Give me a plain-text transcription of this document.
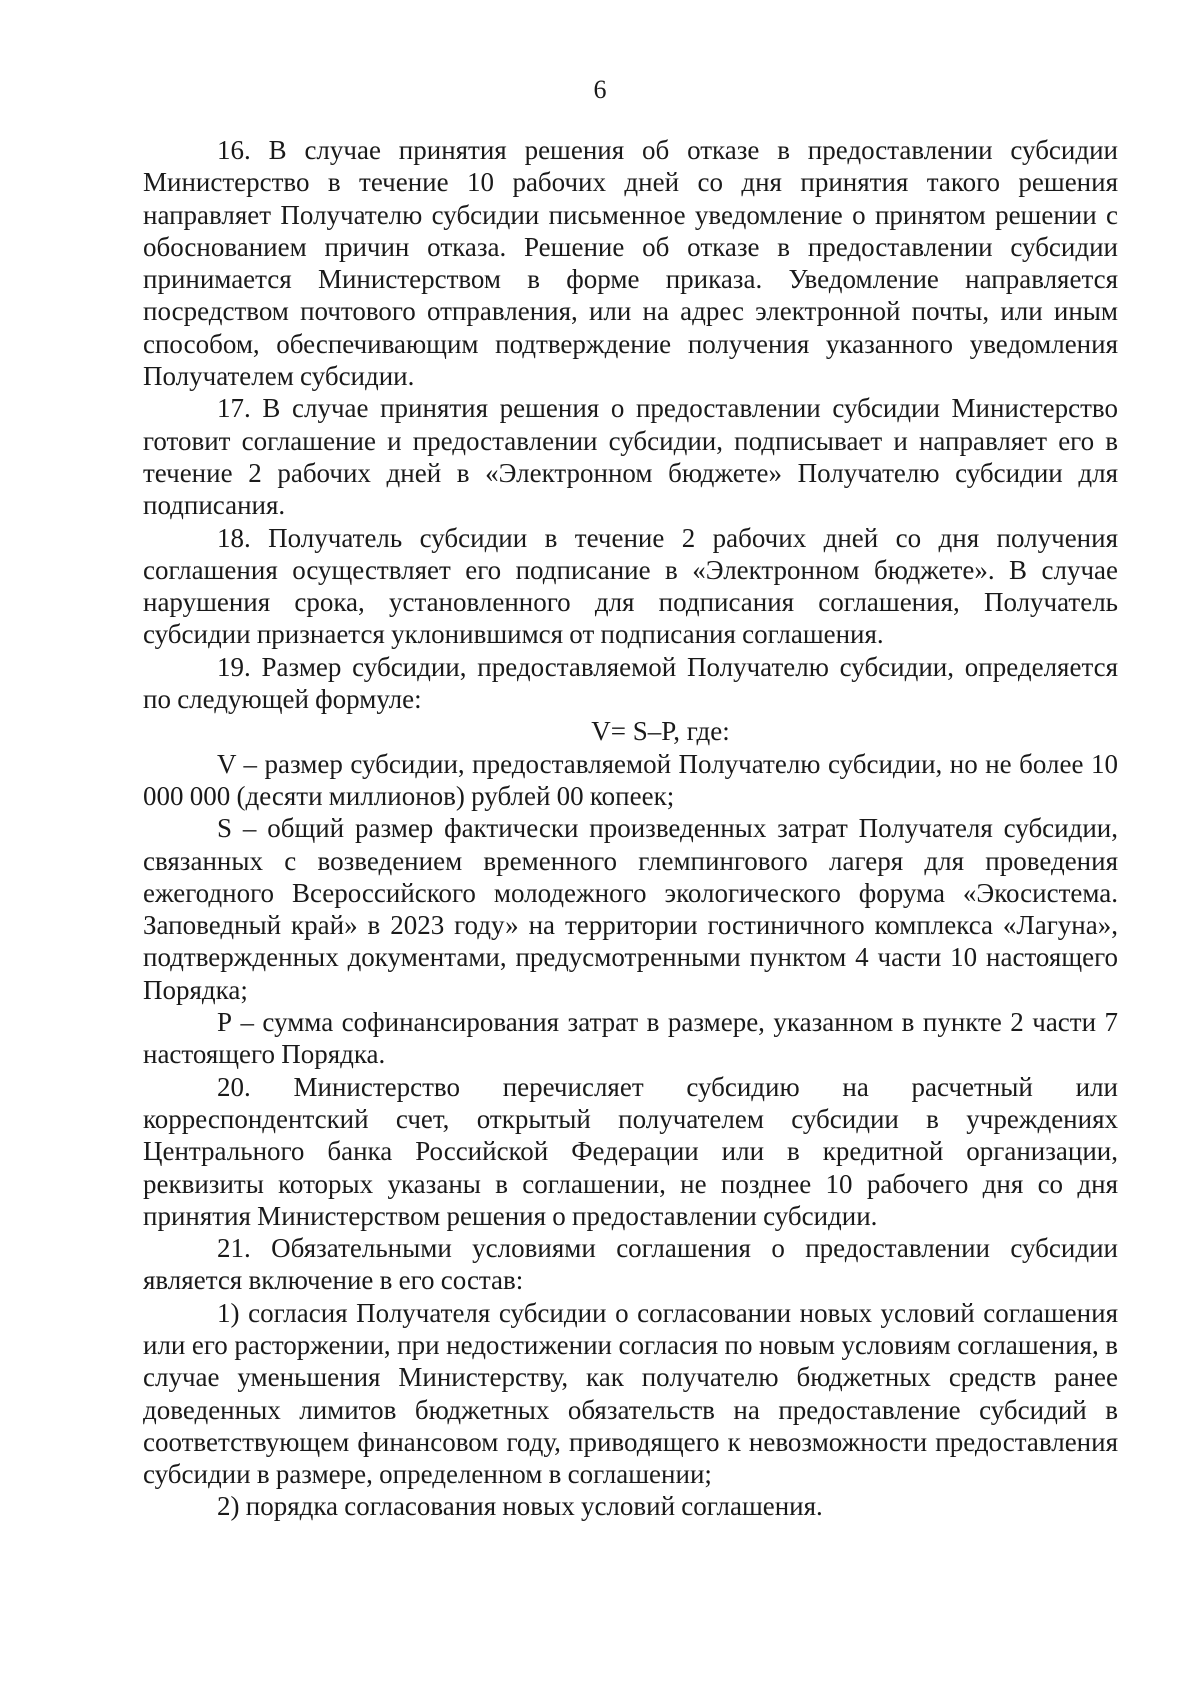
6

16. В случае принятия решения об отказе в предоставлении субсидии Министерство в течение 10 рабочих дней со дня принятия такого решения направляет Получателю субсидии письменное уведомление о принятом решении с обоснованием причин отказа. Решение об отказе в предоставлении субсидии принимается Министерством в форме приказа. Уведомление направляется посредством почтового отправления, или на адрес электронной почты, или иным способом, обеспечивающим подтверждение получения указанного уведомления Получателем субсидии.

17. В случае принятия решения о предоставлении субсидии Министерство готовит соглашение и предоставлении субсидии, подписывает и направляет его в течение 2 рабочих дней в «Электронном бюджете» Получателю субсидии для подписания.

18. Получатель субсидии в течение 2 рабочих дней со дня получения соглашения осуществляет его подписание в «Электронном бюджете». В случае нарушения срока, установленного для подписания соглашения, Получатель субсидии признается уклонившимся от подписания соглашения.

19. Размер субсидии, предоставляемой Получателю субсидии, определяется по следующей формуле:

V= S–P, где:

V – размер субсидии, предоставляемой Получателю субсидии, но не более 10 000 000 (десяти миллионов) рублей 00 копеек;

S – общий размер фактически произведенных затрат Получателя субсидии, связанных с возведением временного глемпингового лагеря для проведения ежегодного Всероссийского молодежного экологического форума «Экосистема. Заповедный край» в 2023 году» на территории гостиничного комплекса «Лагуна», подтвержденных документами, предусмотренными пунктом 4 части 10 настоящего Порядка;

Р – сумма софинансирования затрат в размере, указанном в пункте 2 части 7 настоящего Порядка.

20. Министерство перечисляет субсидию на расчетный или корреспондентский счет, открытый получателем субсидии в учреждениях Центрального банка Российской Федерации или в кредитной организации, реквизиты которых указаны в соглашении, не позднее 10 рабочего дня со дня принятия Министерством решения о предоставлении субсидии.

21. Обязательными условиями соглашения о предоставлении субсидии является включение в его состав:

1) согласия Получателя субсидии о согласовании новых условий соглашения или его расторжении, при недостижении согласия по новым условиям соглашения, в случае уменьшения Министерству, как получателю бюджетных средств ранее доведенных лимитов бюджетных обязательств на предоставление субсидий в соответствующем финансовом году, приводящего к невозможности предоставления субсидии в размере, определенном в соглашении;

2) порядка согласования новых условий соглашения.
